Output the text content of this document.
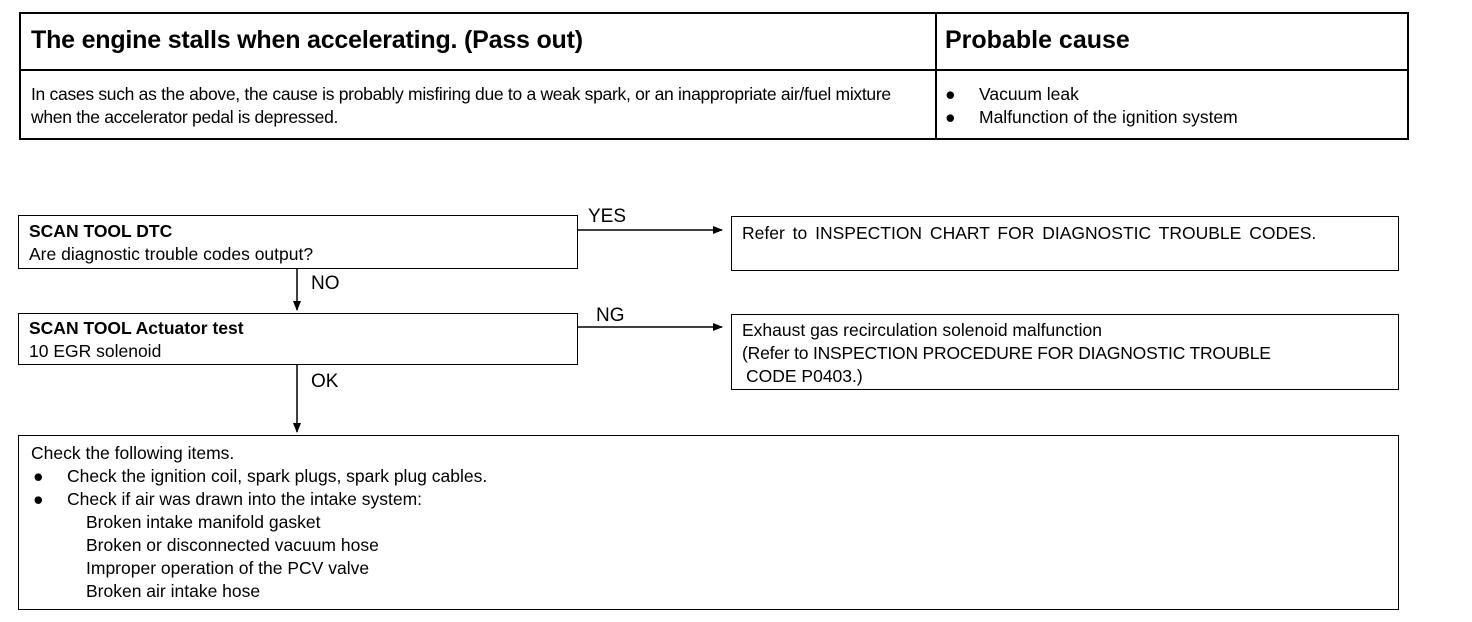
The engine stalls when accelerating. (Pass out)	Probable cause
In cases such as the above, the cause is probably misfiring due to a weak spark, or an inappropriate air/fuel mixture when the accelerator pedal is depressed.
●	Vacuum leak
●	Malfunction of the ignition system
SCAN TOOL DTC
Are diagnostic trouble codes output?
YES
Refer to INSPECTION CHART FOR DIAGNOSTIC TROUBLE CODES.
NO
SCAN TOOL Actuator test
10 EGR solenoid
NG
Exhaust gas recirculation solenoid malfunction
(Refer to INSPECTION PROCEDURE FOR DIAGNOSTIC TROUBLE
CODE P0403.)
OK
Check the following items.
●	Check the ignition coil, spark plugs, spark plug cables.
●	Check if air was drawn into the intake system:
Broken intake manifold gasket
Broken or disconnected vacuum hose
Improper operation of the PCV valve
Broken air intake hose
